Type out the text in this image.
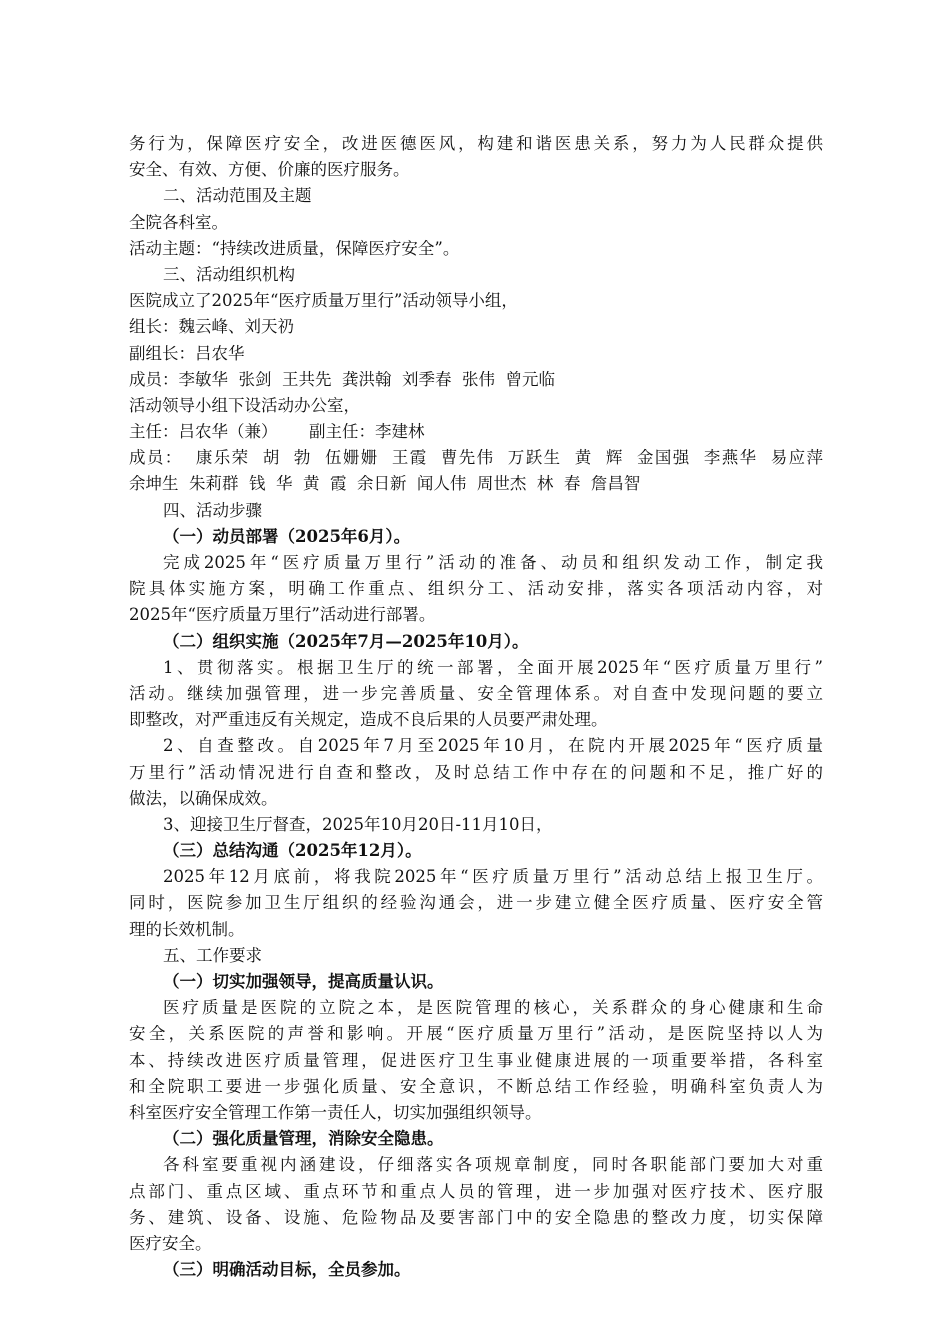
务行为，保障医疗安全，改进医德医风，构建和谐医患关系，努力为人民群众提供
安全、有效、方便、价廉的医疗服务。
二、活动范围及主题
全院各科室。
活动主题：“持续改进质量，保障医疗安全”。
三、活动组织机构
医院成立了2025年“医疗质量万里行”活动领导小组，
组长：魏云峰、刘天礽
副组长：吕农华
成员：李敏华  张剑  王共先  龚洪翰  刘季春  张伟  曾元临
活动领导小组下设活动办公室，
主任：吕农华（兼）      副主任：李建林
成员：  康乐荣  胡  勃  伍姗姗  王霞  曹先伟  万跃生  黄  辉  金国强  李燕华  易应萍
余坤生  朱莉群  钱  华  黄  霞  余日新  闻人伟  周世杰  林  春  詹昌智
四、活动步骤
（一）动员部署（2025年6月）。
完成2025年“医疗质量万里行”活动的准备、动员和组织发动工作，制定我
院具体实施方案，明确工作重点、组织分工、活动安排，落实各项活动内容，对
2025年“医疗质量万里行”活动进行部署。
（二）组织实施（2025年7月—2025年10月）。
1、贯彻落实。根据卫生厅的统一部署，全面开展2025年“医疗质量万里行”
活动。继续加强管理，进一步完善质量、安全管理体系。对自查中发现问题的要立
即整改，对严重违反有关规定，造成不良后果的人员要严肃处理。
2、自查整改。自2025年7月至2025年10月，在院内开展2025年“医疗质量
万里行”活动情况进行自查和整改，及时总结工作中存在的问题和不足，推广好的
做法，以确保成效。
3、迎接卫生厅督查，2025年10月20日-11月10日，
（三）总结沟通（2025年12月）。
2025年12月底前，将我院2025年“医疗质量万里行”活动总结上报卫生厅。
同时，医院参加卫生厅组织的经验沟通会，进一步建立健全医疗质量、医疗安全管
理的长效机制。
五、工作要求
（一）切实加强领导，提高质量认识。
医疗质量是医院的立院之本，是医院管理的核心，关系群众的身心健康和生命
安全，关系医院的声誉和影响。开展“医疗质量万里行”活动，是医院坚持以人为
本、持续改进医疗质量管理，促进医疗卫生事业健康进展的一项重要举措，各科室
和全院职工要进一步强化质量、安全意识，不断总结工作经验，明确科室负责人为
科室医疗安全管理工作第一责任人，切实加强组织领导。
（二）强化质量管理，消除安全隐患。
各科室要重视内涵建设，仔细落实各项规章制度，同时各职能部门要加大对重
点部门、重点区域、重点环节和重点人员的管理，进一步加强对医疗技术、医疗服
务、建筑、设备、设施、危险物品及要害部门中的安全隐患的整改力度，切实保障
医疗安全。
（三）明确活动目标，全员参加。
